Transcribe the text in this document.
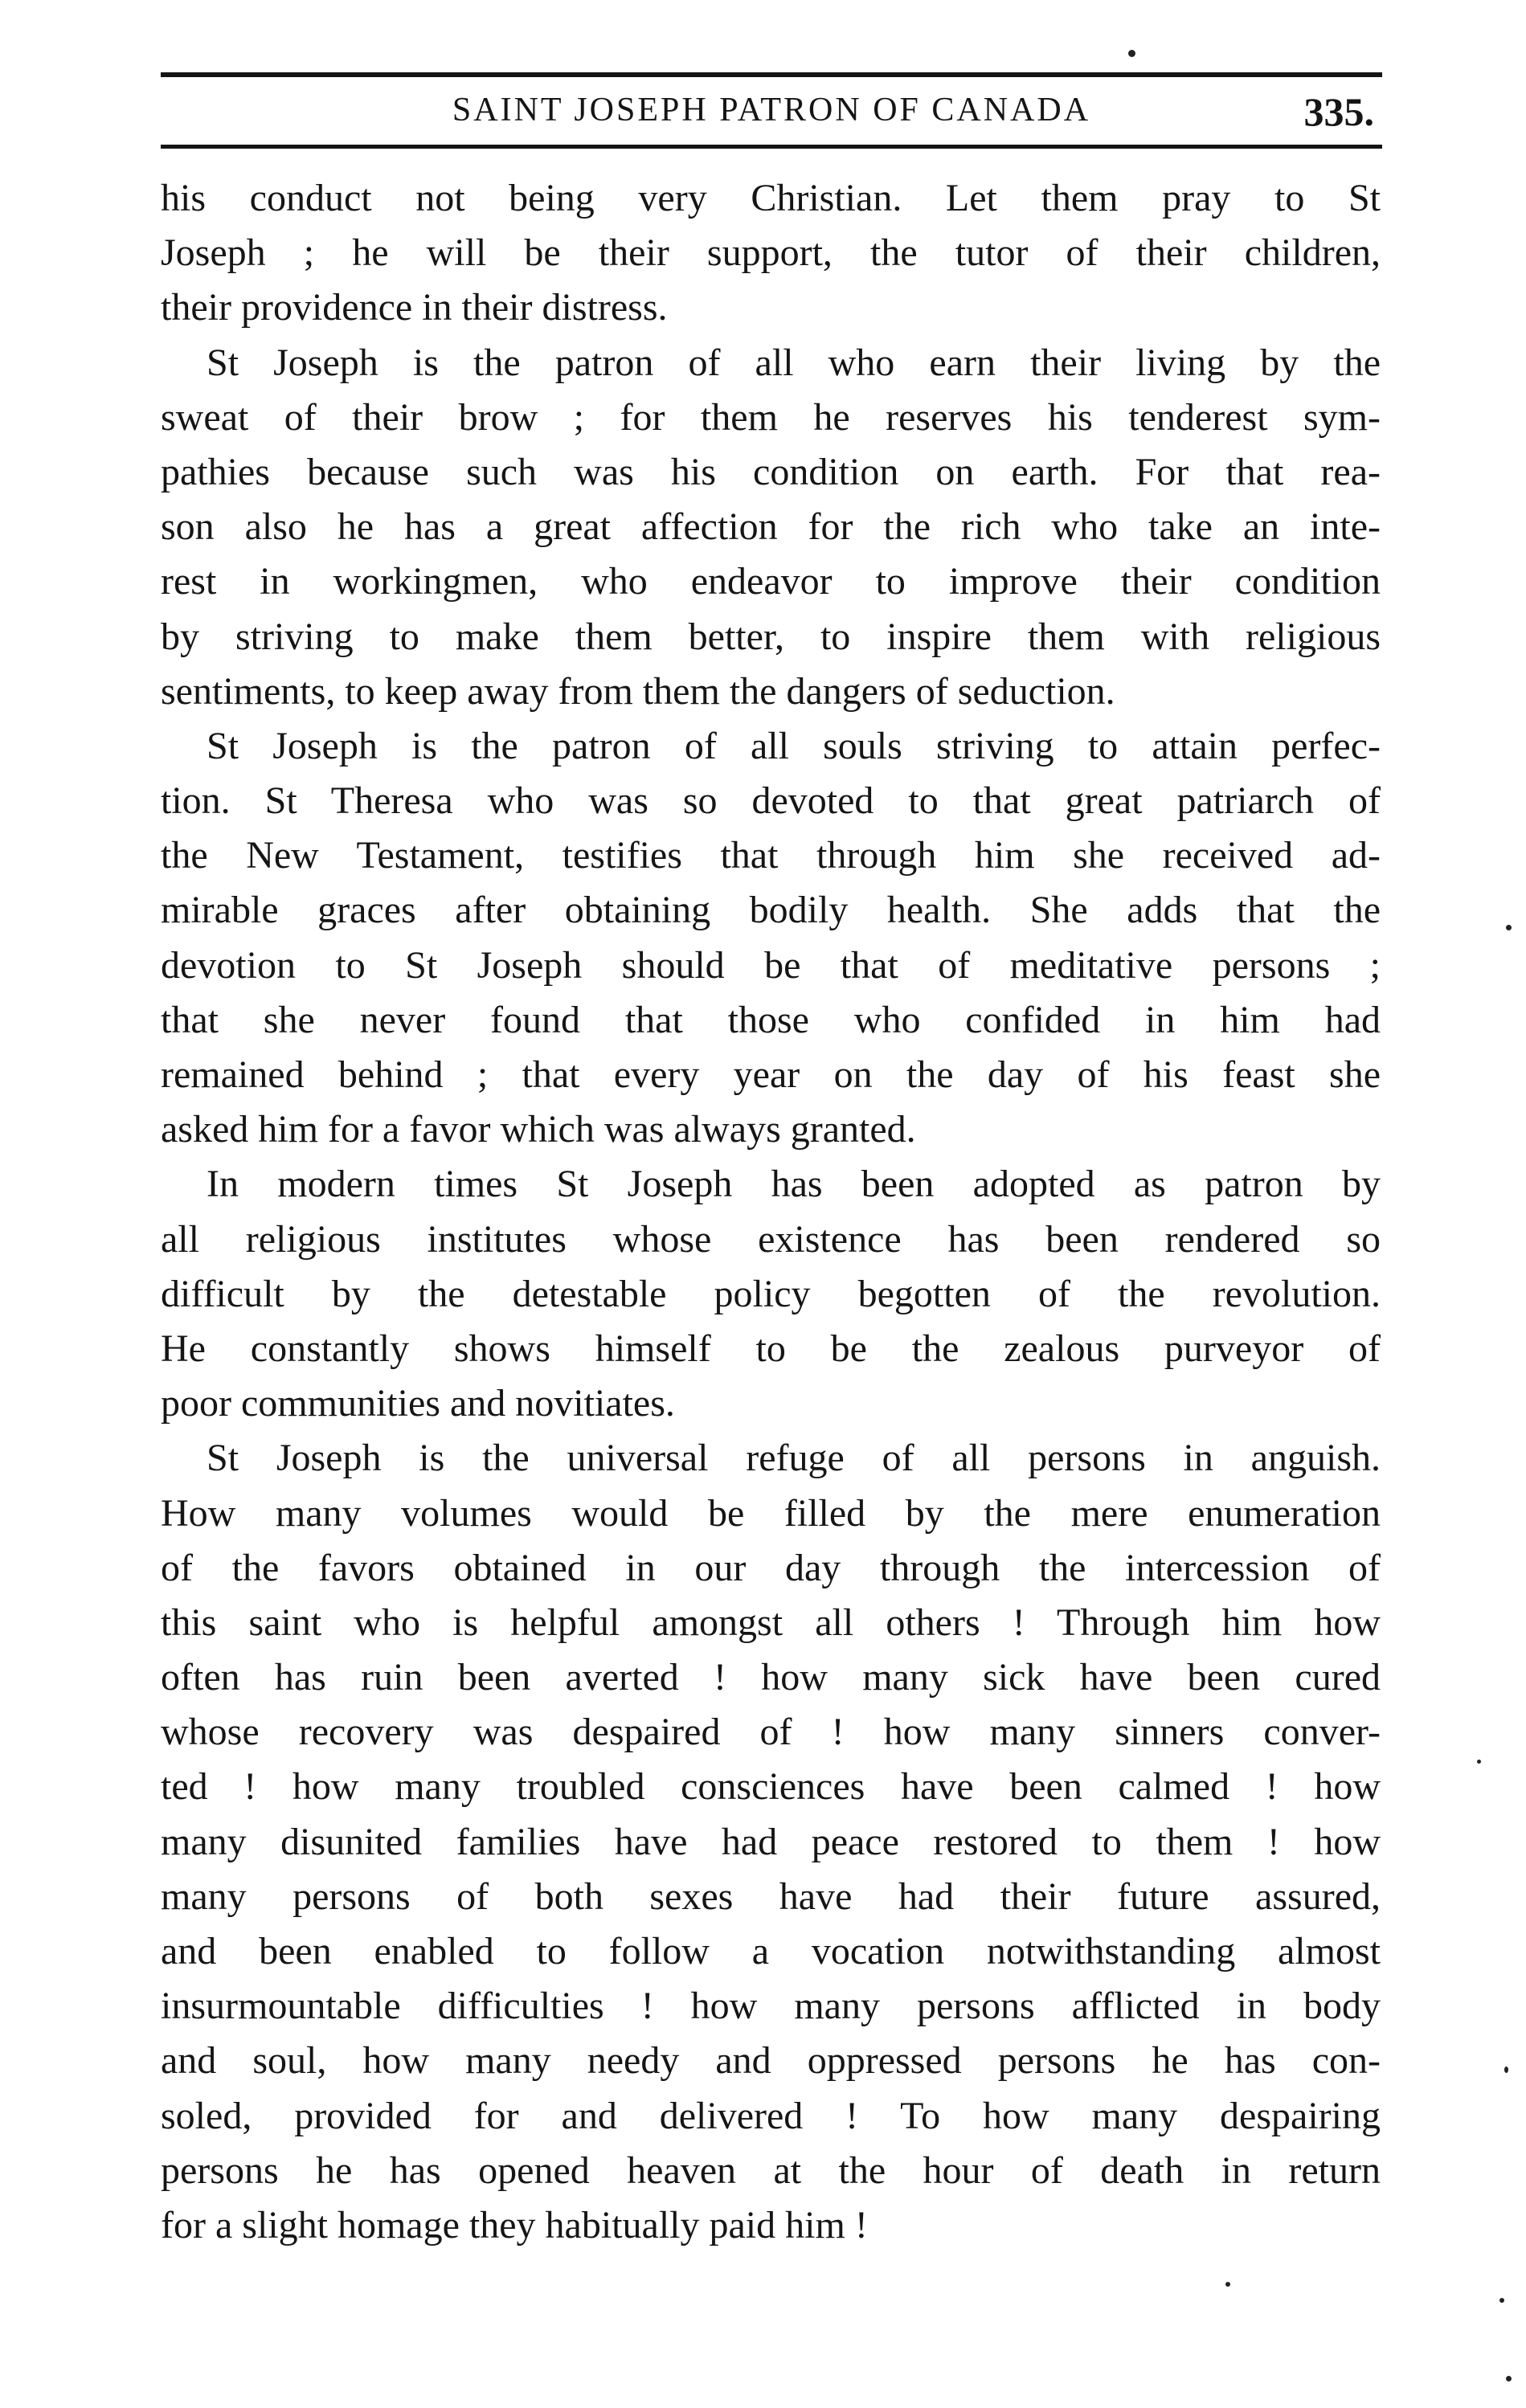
SAINT JOSEPH PATRON OF CANADA	335.
his conduct not being very Christian. Let them pray to St
Joseph ; he will be their support, the tutor of their children,
their providence in their distress.
St Joseph is the patron of all who earn their living by the
sweat of their brow ; for them he reserves his tenderest sym-
pathies because such was his condition on earth. For that rea-
son also he has a great affection for the rich who take an inte-
rest in workingmen, who endeavor to improve their condition
by striving to make them better, to inspire them with religious
sentiments, to keep away from them the dangers of seduction.
St Joseph is the patron of all souls striving to attain perfec-
tion. St Theresa who was so devoted to that great patriarch of
the New Testament, testifies that through him she received ad-
mirable graces after obtaining bodily health. She adds that the
devotion to St Joseph should be that of meditative persons ;
that she never found that those who confided in him had
remained behind ; that every year on the day of his feast she
asked him for a favor which was always granted.
In modern times St Joseph has been adopted as patron by
all religious institutes whose existence has been rendered so
difficult by the detestable policy begotten of the revolution.
He constantly shows himself to be the zealous purveyor of
poor communities and novitiates.
St Joseph is the universal refuge of all persons in anguish.
How many volumes would be filled by the mere enumeration
of the favors obtained in our day through the intercession of
this saint who is helpful amongst all others ! Through him how
often has ruin been averted ! how many sick have been cured
whose recovery was despaired of ! how many sinners conver-
ted ! how many troubled consciences have been calmed ! how
many disunited families have had peace restored to them ! how
many persons of both sexes have had their future assured,
and been enabled to follow a vocation notwithstanding almost
insurmountable difficulties ! how many persons afflicted in body
and soul, how many needy and oppressed persons he has con-
soled, provided for and delivered ! To how many despairing
persons he has opened heaven at the hour of death in return
for a slight homage they habitually paid him !
